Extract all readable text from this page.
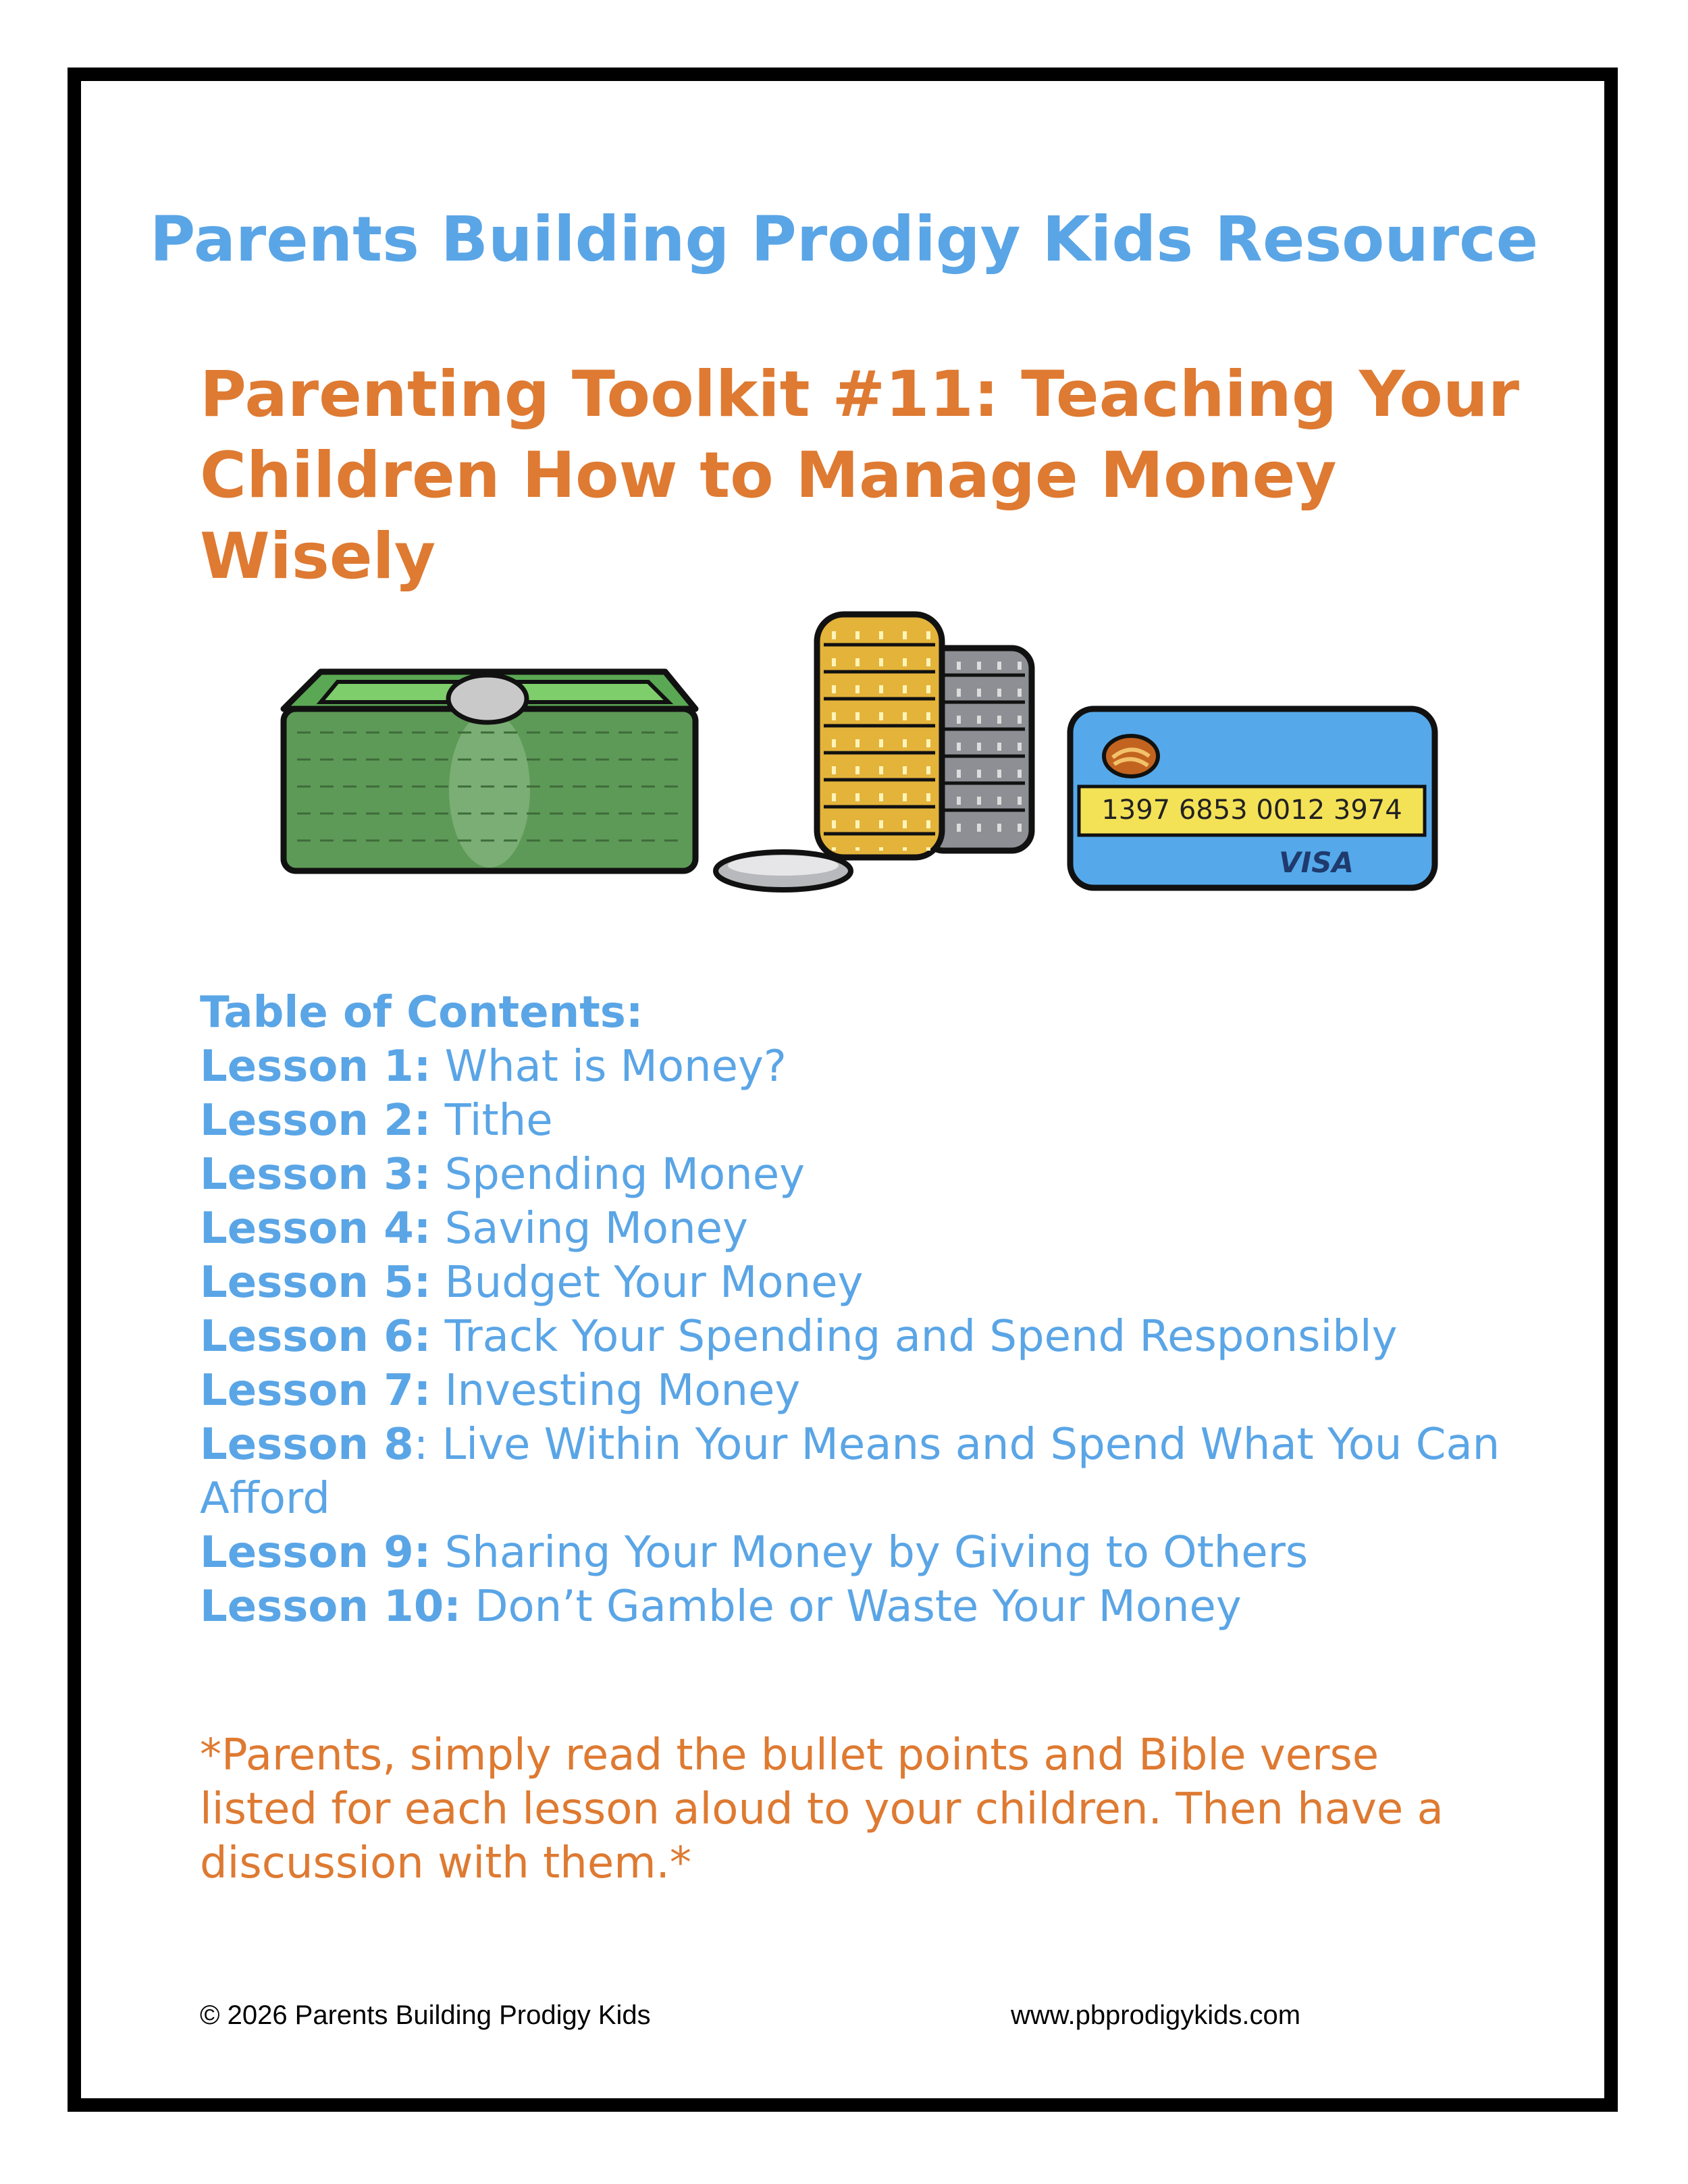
Parents Building Prodigy Kids Resource
Parenting Toolkit #11: Teaching Your
Children How to Manage Money Wisely
1397 6853 0012 3974
VISA
Table of Contents:
Lesson 1: What is Money?
Lesson 2: Tithe
Lesson 3: Spending Money
Lesson 4: Saving Money
Lesson 5: Budget Your Money
Lesson 6: Track Your Spending and Spend Responsibly
Lesson 7: Investing Money
Lesson 8: Live Within Your Means and Spend What You Can Afford
Lesson 9: Sharing Your Money by Giving to Others
Lesson 10: Don’t Gamble or Waste Your Money
*Parents, simply read the bullet points and Bible verse listed for each lesson aloud to your children. Then have a discussion with them.*
© 2026 Parents Building Prodigy Kids	www.pbprodigykids.com
